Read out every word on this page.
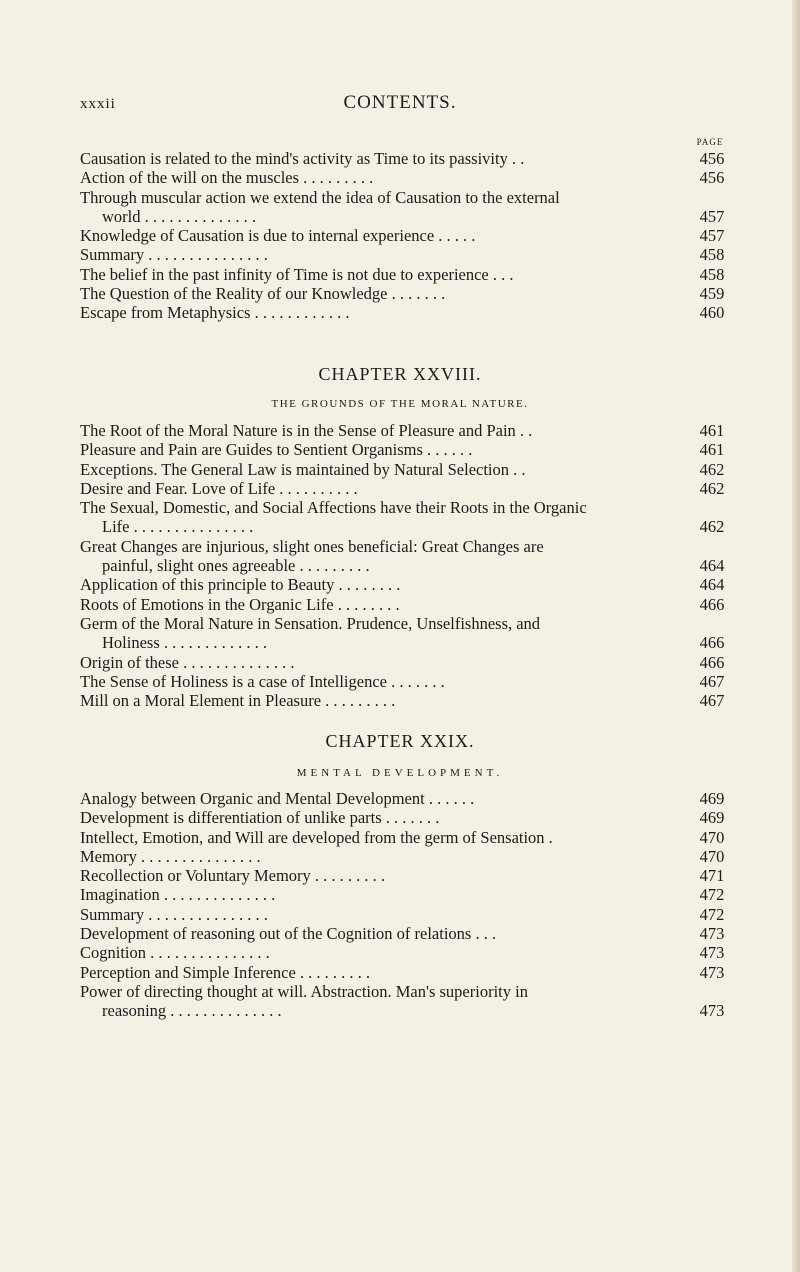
xxxii	CONTENTS.
PAGE
Causation is related to the mind's activity as Time to its passivity . .	456
Action of the will on the muscles . . . . . . . . .	456
Through muscular action we extend the idea of Causation to the external
world . . . . . . . . . . . . . .	457
Knowledge of Causation is due to internal experience . . . . .	457
Summary . . . . . . . . . . . . . . .	458
The belief in the past infinity of Time is not due to experience . . .	458
The Question of the Reality of our Knowledge . . . . . . .	459
Escape from Metaphysics . . . . . . . . . . . .	460
CHAPTER XXVIII.
THE GROUNDS OF THE MORAL NATURE.
The Root of the Moral Nature is in the Sense of Pleasure and Pain . .	461
Pleasure and Pain are Guides to Sentient Organisms . . . . . .	461
Exceptions. The General Law is maintained by Natural Selection . .	462
Desire and Fear. Love of Life . . . . . . . . . .	462
The Sexual, Domestic, and Social Affections have their Roots in the Organic
Life . . . . . . . . . . . . . . .	462
Great Changes are injurious, slight ones beneficial: Great Changes are
painful, slight ones agreeable . . . . . . . . .	464
Application of this principle to Beauty . . . . . . . .	464
Roots of Emotions in the Organic Life . . . . . . . .	466
Germ of the Moral Nature in Sensation. Prudence, Unselfishness, and
Holiness . . . . . . . . . . . . .	466
Origin of these . . . . . . . . . . . . . .	466
The Sense of Holiness is a case of Intelligence . . . . . . .	467
Mill on a Moral Element in Pleasure . . . . . . . . .	467
CHAPTER XXIX.
MENTAL DEVELOPMENT.
Analogy between Organic and Mental Development . . . . . .	469
Development is differentiation of unlike parts . . . . . . .	469
Intellect, Emotion, and Will are developed from the germ of Sensation .	470
Memory . . . . . . . . . . . . . . .	470
Recollection or Voluntary Memory . . . . . . . . .	471
Imagination . . . . . . . . . . . . . .	472
Summary . . . . . . . . . . . . . . .	472
Development of reasoning out of the Cognition of relations . . .	473
Cognition . . . . . . . . . . . . . . .	473
Perception and Simple Inference . . . . . . . . .	473
Power of directing thought at will. Abstraction. Man's superiority in
reasoning . . . . . . . . . . . . . .	473
